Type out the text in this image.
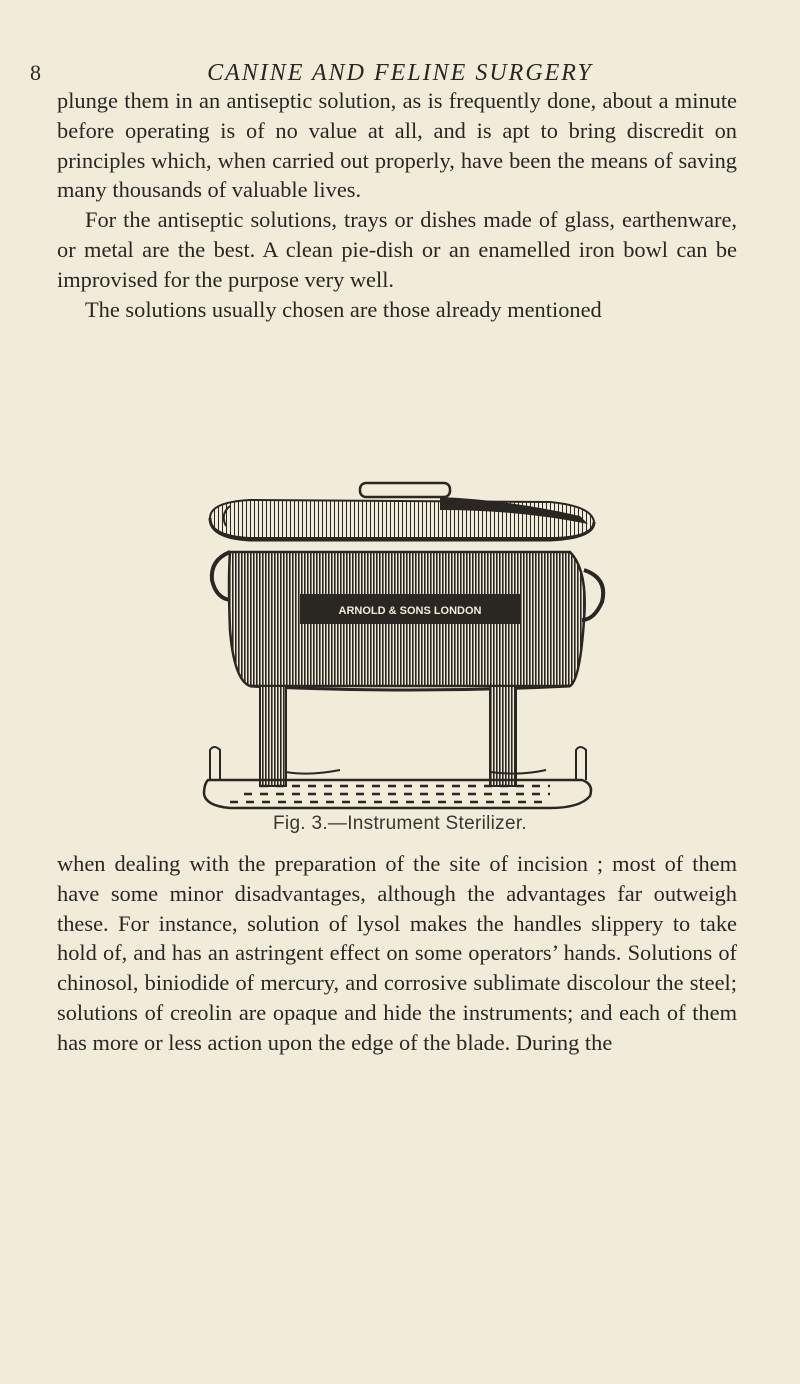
8	CANINE AND FELINE SURGERY

plunge them in an antiseptic solution, as is frequently done, about a minute before operating is of no value at all, and is apt to bring discredit on principles which, when carried out properly, have been the means of saving many thousands of valuable lives.

For the antiseptic solutions, trays or dishes made of glass, earthenware, or metal are the best. A clean pie-dish or an enamelled iron bowl can be improvised for the purpose very well.

The solutions usually chosen are those already mentioned

ARNOLD & SONS LONDON
Fig. 3.—Instrument Sterilizer.

when dealing with the preparation of the site of incision ; most of them have some minor disadvantages, although the advantages far outweigh these. For instance, solution of lysol makes the handles slippery to take hold of, and has an astringent effect on some operators’ hands. Solutions of chinosol, biniodide of mercury, and corrosive sublimate discolour the steel; solutions of creolin are opaque and hide the instruments; and each of them has more or less action upon the edge of the blade. During the
